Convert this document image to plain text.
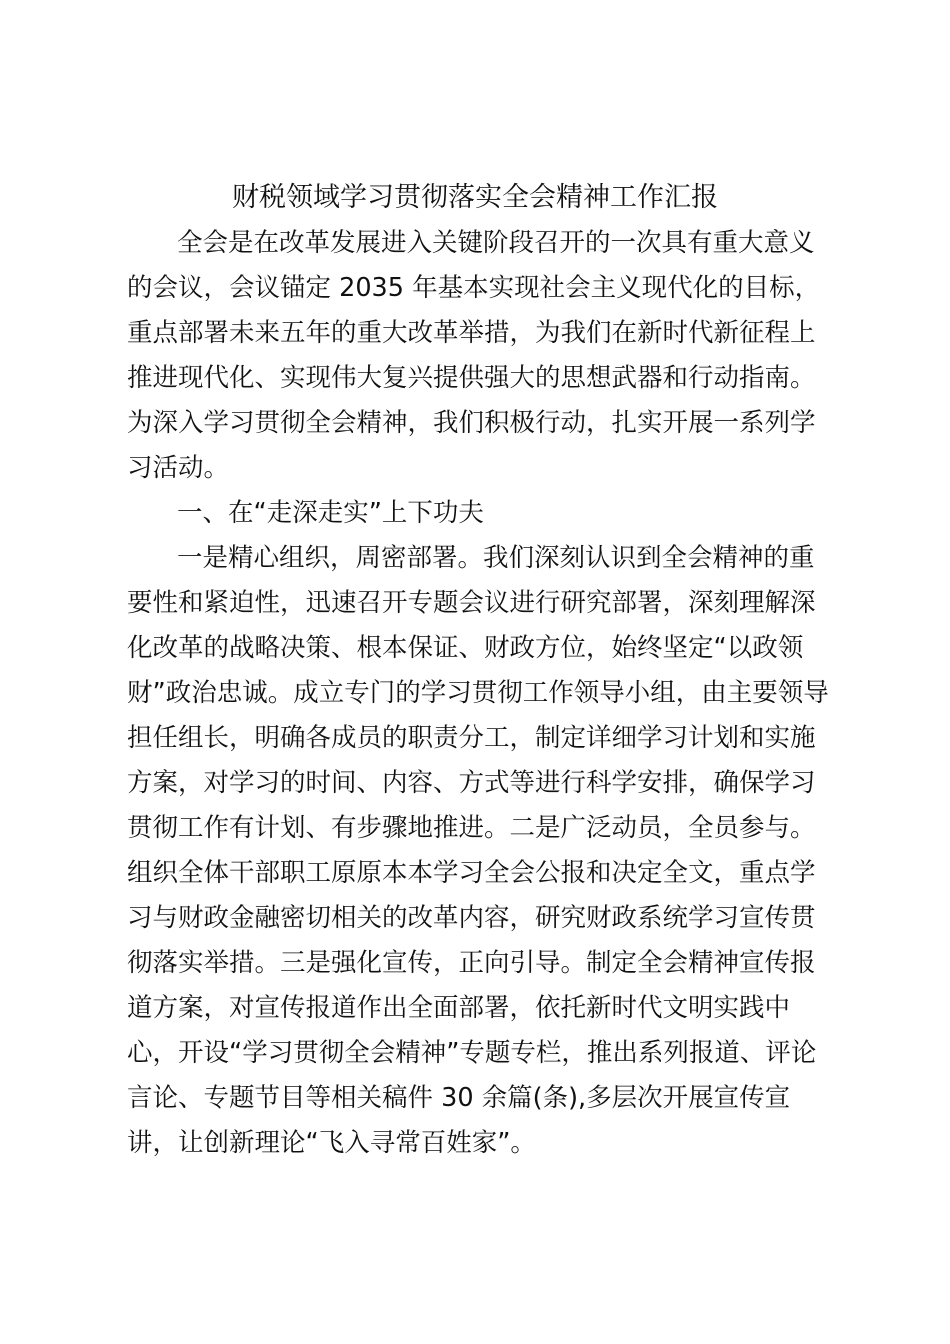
财税领域学习贯彻落实全会精神工作汇报
全会是在改革发展进入关键阶段召开的一次具有重大意义
的会议，会议锚定 2035 年基本实现社会主义现代化的目标，
重点部署未来五年的重大改革举措，为我们在新时代新征程上
推进现代化、实现伟大复兴提供强大的思想武器和行动指南。
为深入学习贯彻全会精神，我们积极行动，扎实开展一系列学
习活动。
一、在“走深走实”上下功夫
一是精心组织，周密部署。我们深刻认识到全会精神的重
要性和紧迫性，迅速召开专题会议进行研究部署，深刻理解深
化改革的战略决策、根本保证、财政方位，始终坚定“以政领
财”政治忠诚。成立专门的学习贯彻工作领导小组，由主要领导
担任组长，明确各成员的职责分工，制定详细学习计划和实施
方案，对学习的时间、内容、方式等进行科学安排，确保学习
贯彻工作有计划、有步骤地推进。二是广泛动员，全员参与。
组织全体干部职工原原本本学习全会公报和决定全文，重点学
习与财政金融密切相关的改革内容，研究财政系统学习宣传贯
彻落实举措。三是强化宣传，正向引导。制定全会精神宣传报
道方案，对宣传报道作出全面部署，依托新时代文明实践中
心，开设“学习贯彻全会精神”专题专栏，推出系列报道、评论
言论、专题节目等相关稿件 30 余篇(条),多层次开展宣传宣
讲，让创新理论“飞入寻常百姓家”。
